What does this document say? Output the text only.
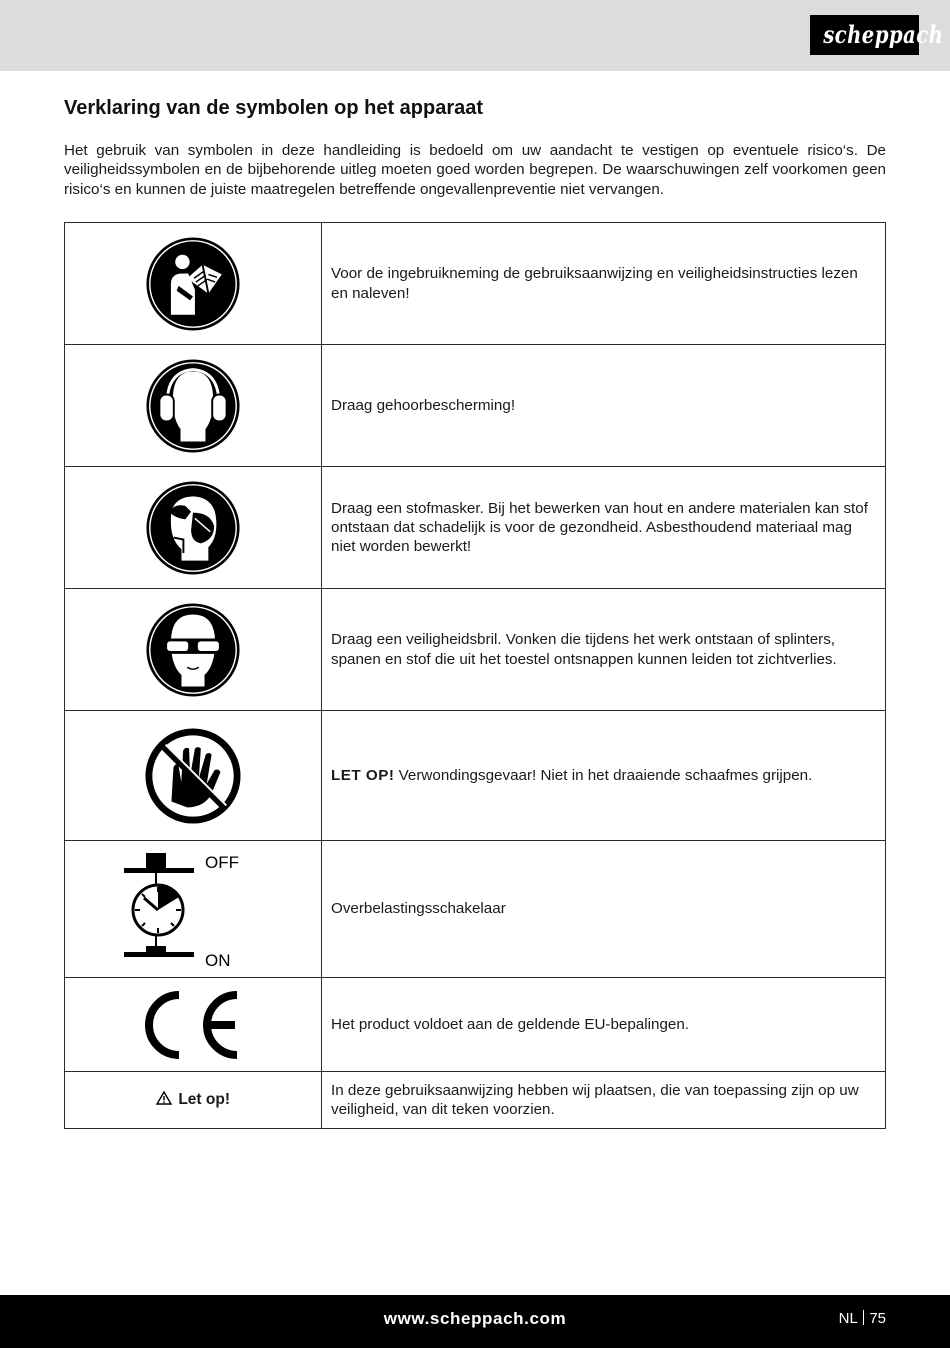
scheppach
Verklaring van de symbolen op het apparaat

Het gebruik van symbolen in deze handleiding is bedoeld om uw aandacht te vestigen op eventuele risico‘s. De veiligheidssymbolen en de bijbehorende uitleg moeten goed worden begrepen. De waarschuwingen zelf voorkomen geen risico‘s en kunnen de juiste maatregelen betreffende ongevallenpreventie niet vervangen.

	Voor de ingebruikneming de gebruiksaanwijzing en veiligheidsinstructies lezen en naleven!

	Draag gehoorbescherming!

	Draag een stofmasker. Bij het bewerken van hout en andere materialen kan stof ontstaan dat schadelijk is voor de gezondheid. Asbesthoudend materiaal mag niet worden bewerkt!

	Draag een veiligheidsbril. Vonken die tijdens het werk ontstaan of splinters, spanen en stof die uit het toestel ontsnappen kunnen leiden tot zichtverlies.

	LET OP! Verwondingsgevaar! Niet in het draaiende schaafmes grijpen.

OFF
ON	Overbelastingsschakelaar

	Het product voldoet aan de geldende EU-bepalingen.
Let op!	In deze gebruiksaanwijzing hebben wij plaatsen, die van toepassing zijn op uw veiligheid, van dit teken voorzien.
www.scheppach.com	NL 75
